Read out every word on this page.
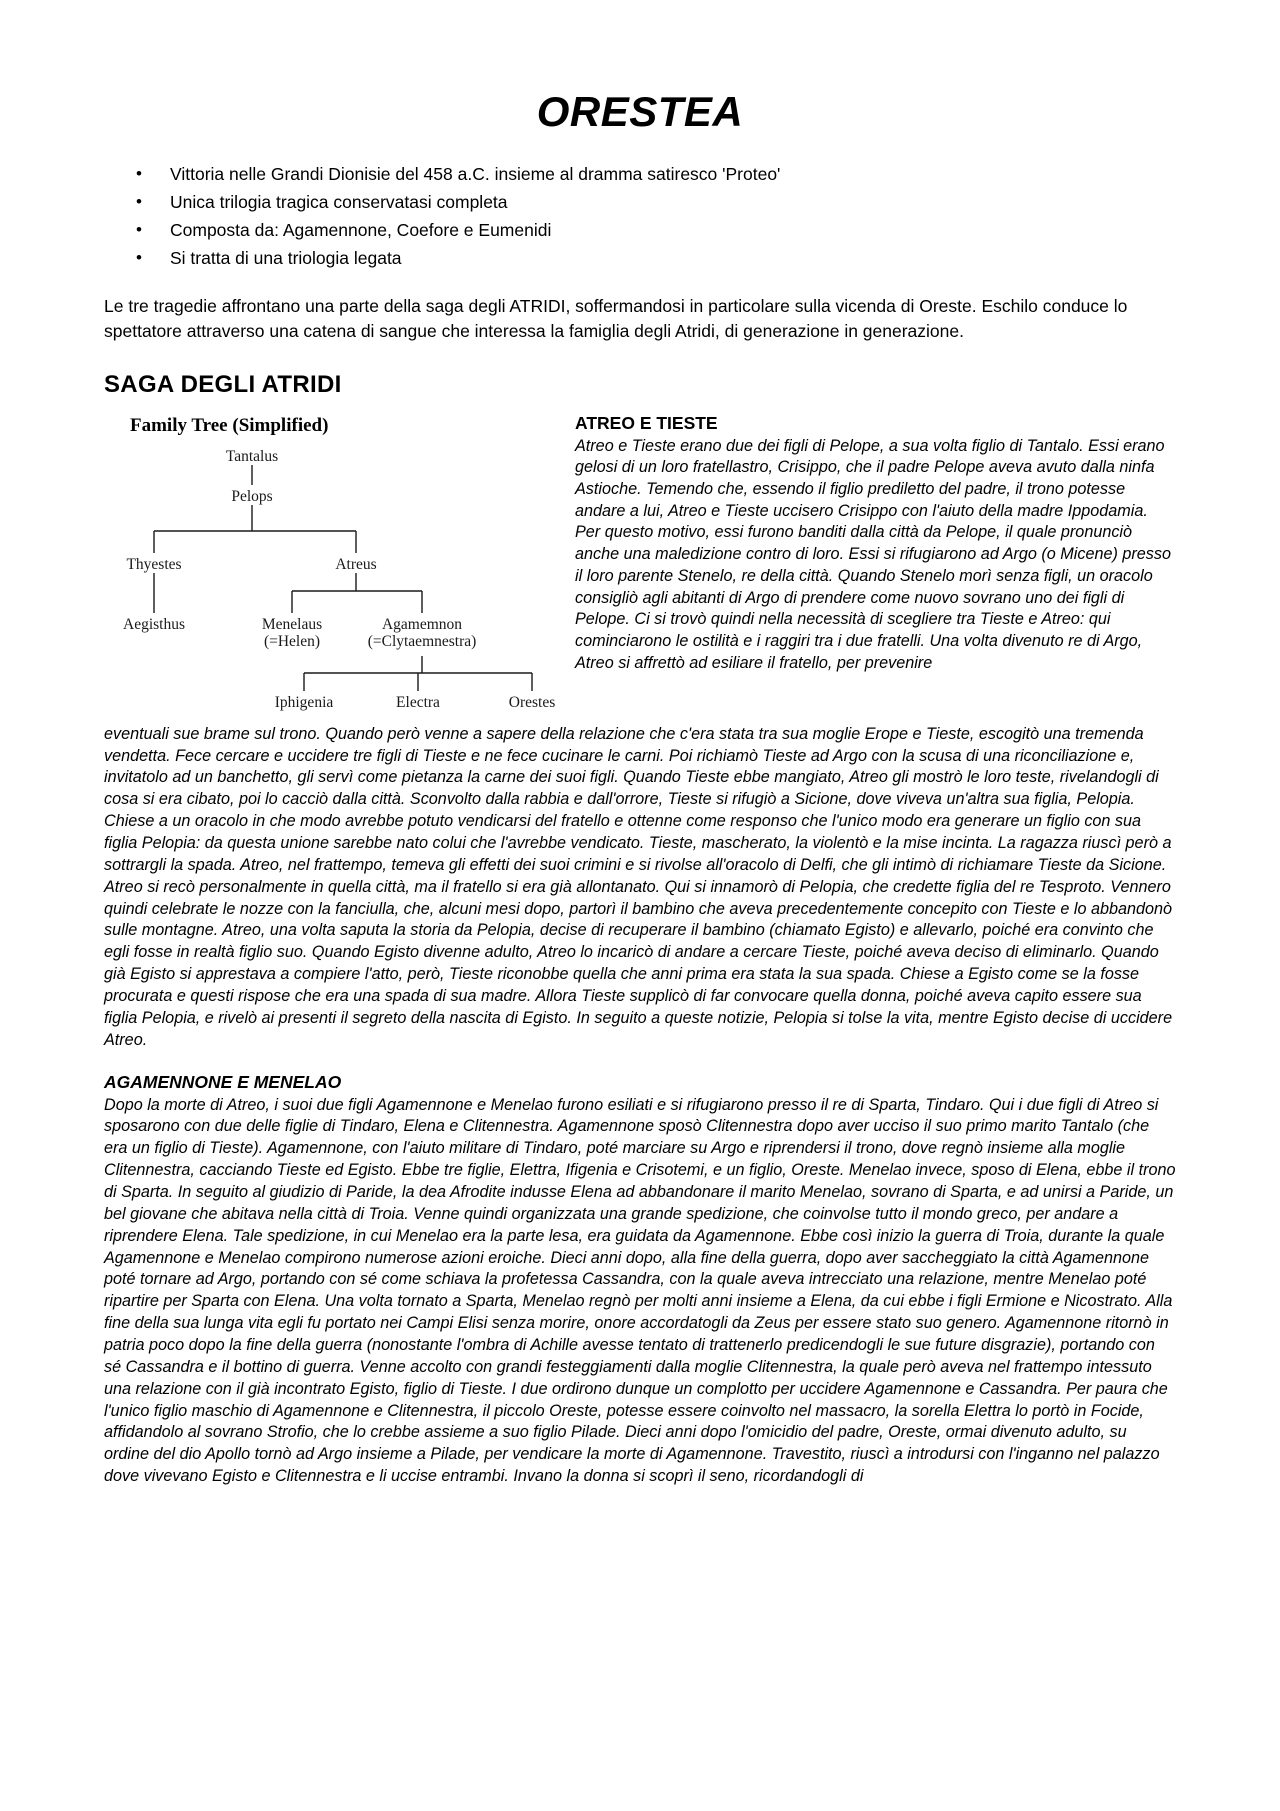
ORESTEA
• Vittoria nelle Grandi Dionisie del 458 a.C. insieme al dramma satiresco 'Proteo'
• Unica trilogia tragica conservatasi completa
• Composta da: Agamennone, Coefore e Eumenidi
• Si tratta di una triologia legata

Le tre tragedie affrontano una parte della saga degli ATRIDI, soffermandosi in particolare sulla vicenda di Oreste. Eschilo conduce lo spettatore attraverso una catena di sangue che interessa la famiglia degli Atridi, di generazione in generazione.

SAGA DEGLI ATRIDI
Family Tree (Simplified)
Tantalus
Pelops
Thyestes	Atreus
Aegisthus	Menelaus
(=Helen)
Agamemnon
(=Clytaemnestra)
Iphigenia	Electra	Orestes
ATREO E TIESTE

Atreo e Tieste erano due dei figli di Pelope, a sua volta figlio di Tantalo. Essi erano gelosi di un loro fratellastro, Crisippo, che il padre Pelope aveva avuto dalla ninfa Astioche. Temendo che, essendo il figlio prediletto del padre, il trono potesse andare a lui, Atreo e Tieste uccisero Crisippo con l'aiuto della madre Ippodamia. Per questo motivo, essi furono banditi dalla città da Pelope, il quale pronunciò anche una maledizione contro di loro. Essi si rifugiarono ad Argo (o Micene) presso il loro parente Stenelo, re della città. Quando Stenelo morì senza figli, un oracolo consigliò agli abitanti di Argo di prendere come nuovo sovrano uno dei figli di Pelope. Ci si trovò quindi nella necessità di scegliere tra Tieste e Atreo: qui cominciarono le ostilità e i raggiri tra i due fratelli. Una volta divenuto re di Argo, Atreo si affrettò ad esiliare il fratello, per prevenire

eventuali sue brame sul trono. Quando però venne a sapere della relazione che c'era stata tra sua moglie Erope e Tieste, escogitò una tremenda vendetta. Fece cercare e uccidere tre figli di Tieste e ne fece cucinare le carni. Poi richiamò Tieste ad Argo con la scusa di una riconciliazione e, invitatolo ad un banchetto, gli servì come pietanza la carne dei suoi figli. Quando Tieste ebbe mangiato, Atreo gli mostrò le loro teste, rivelandogli di cosa si era cibato, poi lo cacciò dalla città. Sconvolto dalla rabbia e dall'orrore, Tieste si rifugiò a Sicione, dove viveva un'altra sua figlia, Pelopia. Chiese a un oracolo in che modo avrebbe potuto vendicarsi del fratello e ottenne come responso che l'unico modo era generare un figlio con sua figlia Pelopia: da questa unione sarebbe nato colui che l'avrebbe vendicato. Tieste, mascherato, la violentò e la mise incinta. La ragazza riuscì però a sottrargli la spada. Atreo, nel frattempo, temeva gli effetti dei suoi crimini e si rivolse all'oracolo di Delfi, che gli intimò di richiamare Tieste da Sicione. Atreo si recò personalmente in quella città, ma il fratello si era già allontanato. Qui si innamorò di Pelopia, che credette figlia del re Tesproto. Vennero quindi celebrate le nozze con la fanciulla, che, alcuni mesi dopo, partorì il bambino che aveva precedentemente concepito con Tieste e lo abbandonò sulle montagne. Atreo, una volta saputa la storia da Pelopia, decise di recuperare il bambino (chiamato Egisto) e allevarlo, poiché era convinto che egli fosse in realtà figlio suo. Quando Egisto divenne adulto, Atreo lo incaricò di andare a cercare Tieste, poiché aveva deciso di eliminarlo. Quando già Egisto si apprestava a compiere l'atto, però, Tieste riconobbe quella che anni prima era stata la sua spada. Chiese a Egisto come se la fosse procurata e questi rispose che era una spada di sua madre. Allora Tieste supplicò di far convocare quella donna, poiché aveva capito essere sua figlia Pelopia, e rivelò ai presenti il segreto della nascita di Egisto. In seguito a queste notizie, Pelopia si tolse la vita, mentre Egisto decise di uccidere Atreo.

AGAMENNONE E MENELAO

Dopo la morte di Atreo, i suoi due figli Agamennone e Menelao furono esiliati e si rifugiarono presso il re di Sparta, Tindaro. Qui i due figli di Atreo si sposarono con due delle figlie di Tindaro, Elena e Clitennestra. Agamennone sposò Clitennestra dopo aver ucciso il suo primo marito Tantalo (che era un figlio di Tieste). Agamennone, con l'aiuto militare di Tindaro, poté marciare su Argo e riprendersi il trono, dove regnò insieme alla moglie Clitennestra, cacciando Tieste ed Egisto. Ebbe tre figlie, Elettra, Ifigenia e Crisotemi, e un figlio, Oreste. Menelao invece, sposo di Elena, ebbe il trono di Sparta. In seguito al giudizio di Paride, la dea Afrodite indusse Elena ad abbandonare il marito Menelao, sovrano di Sparta, e ad unirsi a Paride, un bel giovane che abitava nella città di Troia. Venne quindi organizzata una grande spedizione, che coinvolse tutto il mondo greco, per andare a riprendere Elena. Tale spedizione, in cui Menelao era la parte lesa, era guidata da Agamennone. Ebbe così inizio la guerra di Troia, durante la quale Agamennone e Menelao compirono numerose azioni eroiche. Dieci anni dopo, alla fine della guerra, dopo aver saccheggiato la città Agamennone poté tornare ad Argo, portando con sé come schiava la profetessa Cassandra, con la quale aveva intrecciato una relazione, mentre Menelao poté ripartire per Sparta con Elena. Una volta tornato a Sparta, Menelao regnò per molti anni insieme a Elena, da cui ebbe i figli Ermione e Nicostrato. Alla fine della sua lunga vita egli fu portato nei Campi Elisi senza morire, onore accordatogli da Zeus per essere stato suo genero. Agamennone ritornò in patria poco dopo la fine della guerra (nonostante l'ombra di Achille avesse tentato di trattenerlo predicendogli le sue future disgrazie), portando con sé Cassandra e il bottino di guerra. Venne accolto con grandi festeggiamenti dalla moglie Clitennestra, la quale però aveva nel frattempo intessuto una relazione con il già incontrato Egisto, figlio di Tieste. I due ordirono dunque un complotto per uccidere Agamennone e Cassandra. Per paura che l'unico figlio maschio di Agamennone e Clitennestra, il piccolo Oreste, potesse essere coinvolto nel massacro, la sorella Elettra lo portò in Focide, affidandolo al sovrano Strofio, che lo crebbe assieme a suo figlio Pilade. Dieci anni dopo l'omicidio del padre, Oreste, ormai divenuto adulto, su ordine del dio Apollo tornò ad Argo insieme a Pilade, per vendicare la morte di Agamennone. Travestito, riuscì a introdursi con l'inganno nel palazzo dove vivevano Egisto e Clitennestra e li uccise entrambi. Invano la donna si scoprì il seno, ricordandogli di
